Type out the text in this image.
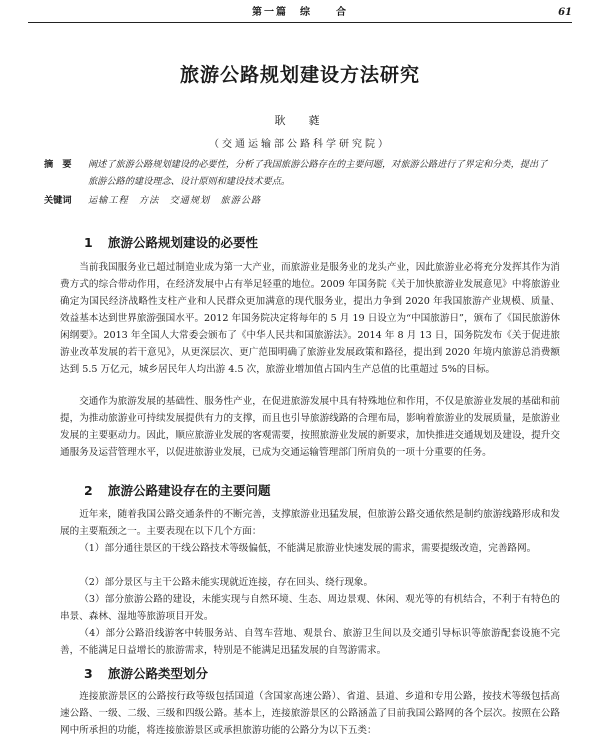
第一篇　综　　合	61
旅游公路规划建设方法研究
耿　蕤
（交通运输部公路科学研究院）
摘　要 阐述了旅游公路规划建设的必要性，分析了我国旅游公路存在的主要问题，对旅游公路进行了界定和分类，提出了旅游公路的建设理念、设计原则和建设技术要点。
关键词 运输工程　方法　交通规划　旅游公路
1 旅游公路规划建设的必要性

当前我国服务业已超过制造业成为第一大产业，而旅游业是服务业的龙头产业，因此旅游业必将充分发挥其作为消费方式的综合带动作用，在经济发展中占有举足轻重的地位。2009 年国务院《关于加快旅游业发展意见》中将旅游业确定为国民经济战略性支柱产业和人民群众更加满意的现代服务业，提出力争到 2020 年我国旅游产业规模、质量、效益基本达到世界旅游强国水平。2012 年国务院决定将每年的 5 月 19 日设立为“中国旅游日”，颁布了《国民旅游休闲纲要》。2013 年全国人大常委会颁布了《中华人民共和国旅游法》。2014 年 8 月 13 日，国务院发布《关于促进旅游业改革发展的若干意见》，从更深层次、更广范围明确了旅游业发展政策和路径，提出到 2020 年境内旅游总消费额达到 5.5 万亿元，城乡居民年人均出游 4.5 次，旅游业增加值占国内生产总值的比重超过 5%的目标。

交通作为旅游发展的基础性、服务性产业，在促进旅游发展中具有特殊地位和作用，不仅是旅游业发展的基础和前提，为推动旅游业可持续发展提供有力的支撑，而且也引导旅游线路的合理布局，影响着旅游业的发展质量，是旅游业发展的主要驱动力。因此，顺应旅游业发展的客观需要，按照旅游业发展的新要求，加快推进交通规划及建设，提升交通服务及运营管理水平，以促进旅游业发展，已成为交通运输管理部门所肩负的一项十分重要的任务。

2 旅游公路建设存在的主要问题

近年来，随着我国公路交通条件的不断完善，支撑旅游业迅猛发展，但旅游公路交通依然是制约旅游线路形成和发展的主要瓶颈之一。主要表现在以下几个方面：

（1）部分通往景区的干线公路技术等级偏低，不能满足旅游业快速发展的需求，需要提级改造，完善路网。

（2）部分景区与主干公路未能实现就近连接，存在回头、绕行现象。

（3）部分旅游公路的建设，未能实现与自然环境、生态、周边景观、休闲、观光等的有机结合，不利于有特色的串景、森林、湿地等旅游项目开发。

（4）部分公路沿线游客中转服务站、自驾车营地、观景台、旅游卫生间以及交通引导标识等旅游配套设施不完善，不能满足日益增长的旅游需求，特别是不能满足迅猛发展的自驾游需求。

3 旅游公路类型划分

连接旅游景区的公路按行政等级包括国道（含国家高速公路）、省道、县道、乡道和专用公路，按技术等级包括高速公路、一级、二级、三级和四级公路。基本上，连接旅游景区的公路涵盖了目前我国公路网的各个层次。按照在公路网中所承担的功能，将连接旅游景区或承担旅游功能的公路分为以下五类：
